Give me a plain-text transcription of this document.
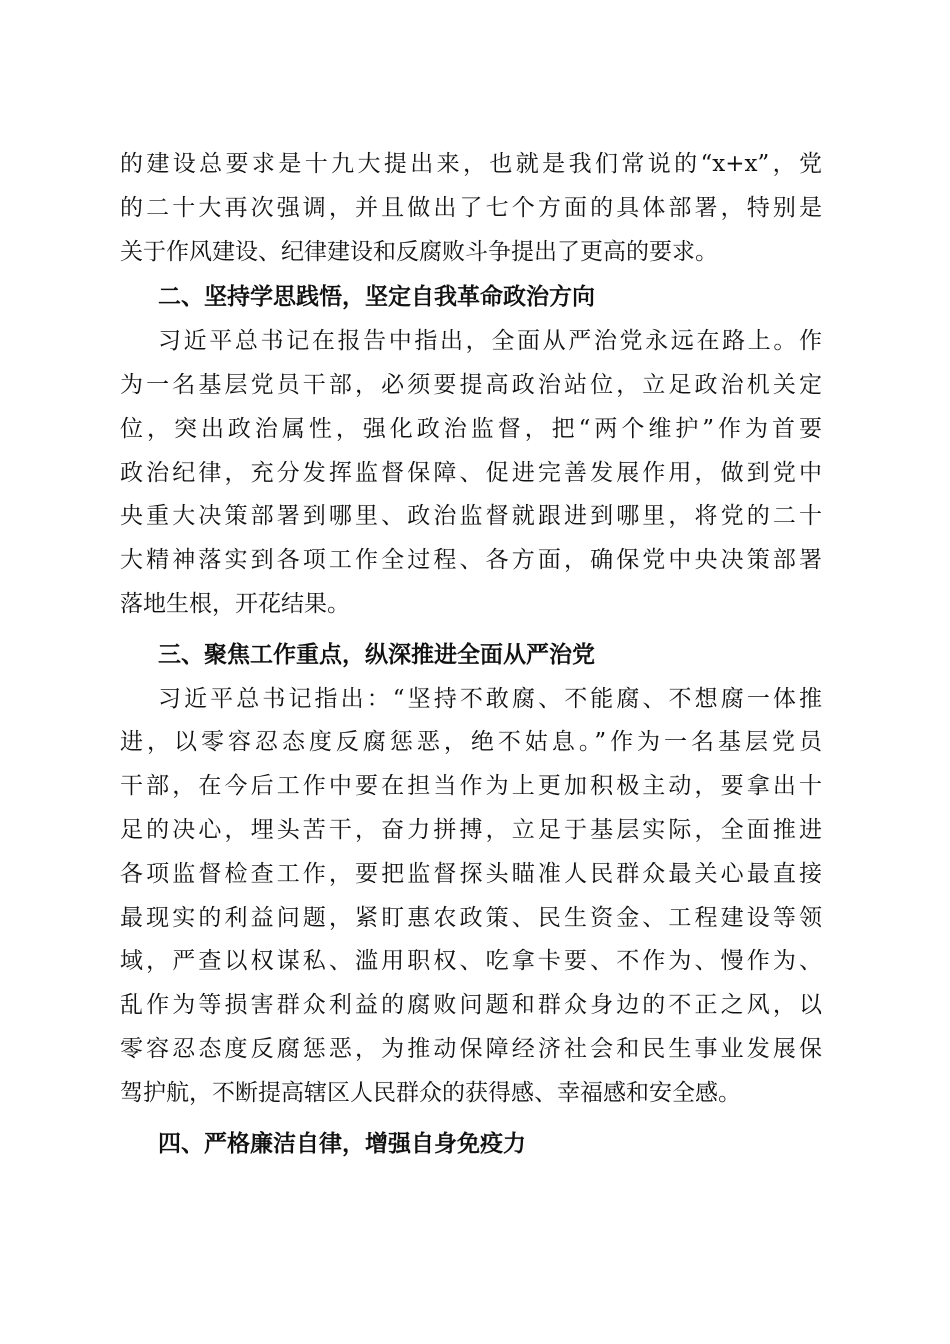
的建设总要求是十九大提出来，也就是我们常说的“x+x”，党
的二十大再次强调，并且做出了七个方面的具体部署，特别是
关于作风建设、纪律建设和反腐败斗争提出了更高的要求。
二、坚持学思践悟，坚定自我革命政治方向
习近平总书记在报告中指出，全面从严治党永远在路上。作
为一名基层党员干部，必须要提高政治站位，立足政治机关定
位，突出政治属性，强化政治监督，把“两个维护”作为首要
政治纪律，充分发挥监督保障、促进完善发展作用，做到党中
央重大决策部署到哪里、政治监督就跟进到哪里，将党的二十
大精神落实到各项工作全过程、各方面，确保党中央决策部署
落地生根，开花结果。
三、聚焦工作重点，纵深推进全面从严治党
习近平总书记指出：“坚持不敢腐、不能腐、不想腐一体推
进，以零容忍态度反腐惩恶，绝不姑息。”作为一名基层党员
干部，在今后工作中要在担当作为上更加积极主动，要拿出十
足的决心，埋头苦干，奋力拼搏，立足于基层实际，全面推进
各项监督检查工作，要把监督探头瞄准人民群众最关心最直接
最现实的利益问题，紧盯惠农政策、民生资金、工程建设等领
域，严查以权谋私、滥用职权、吃拿卡要、不作为、慢作为、
乱作为等损害群众利益的腐败问题和群众身边的不正之风，以
零容忍态度反腐惩恶，为推动保障经济社会和民生事业发展保
驾护航，不断提高辖区人民群众的获得感、幸福感和安全感。
四、严格廉洁自律，增强自身免疫力
